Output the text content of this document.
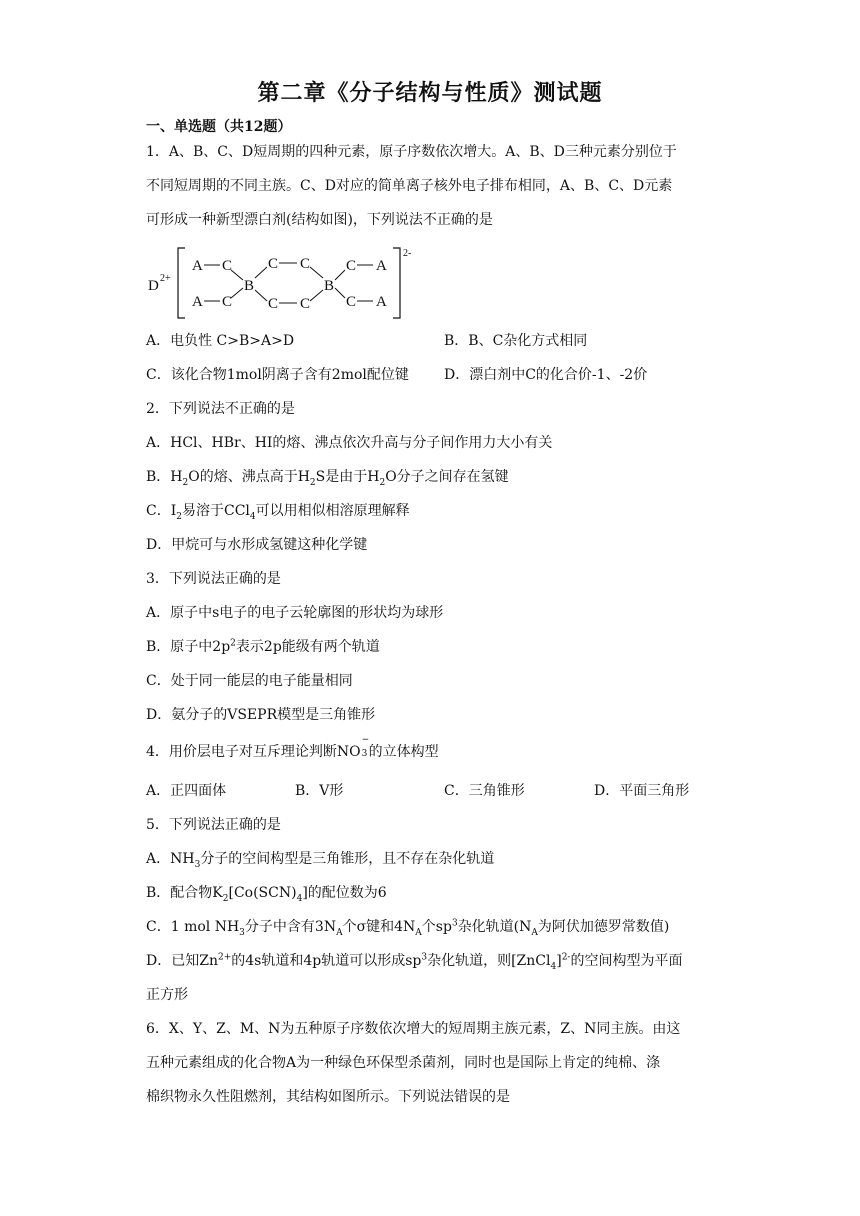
第二章《分子结构与性质》测试题
一、单选题（共12题）
1．A、B、C、D短周期的四种元素，原子序数依次增大。A、B、D三种元素分别位于
不同短周期的不同主族。C、D对应的简单离子核外电子排布相同，A、B、C、D元素
可形成一种新型漂白剂(结构如图)，下列说法不正确的是
D 2+
2-
A C
B
C C
B
C A
A C C C C A
A．电负性 C>B>A>D	B．B、C杂化方式相同
C．该化合物1mol阴离子含有2mol配位键	D．漂白剂中C的化合价-1、-2价
2．下列说法不正确的是
A．HCl、HBr、HI的熔、沸点依次升高与分子间作用力大小有关
B．$H_2O$的熔、沸点高于$H_2S$是由于$H_2O$分子之间存在氢键
C．$I_2$易溶于CCl$_4$可以用相似相溶原理解释
D．甲烷可与水形成氢键这种化学键
3．下列说法正确的是
A．原子中s电子的电子云轮廓图的形状均为球形
B．原子中$2p^2$表示2p能级有两个轨道
C．处于同一能层的电子能量相同
D．氨分子的VSEPR模型是三角锥形
4．用价层电子对互斥理论判断NO
−
3 的立体构型
A．正四面体	B．V形	C．三角锥形	D．平面三角形
5．下列说法正确的是
A．$NH_3$分子的空间构型是三角锥形，且不存在杂化轨道
B．配合物$K_2[Co(SCN)_4]$的配位数为6
C．1 mol $NH_3$分子中含有$3N_A$个σ键和$4N_A$个$sp^3$杂化轨道($N_A$为阿伏加德罗常数值)
D．已知$Zn^{2+}$的4s轨道和4p轨道可以形成$sp^3$杂化轨道，则[ZnCl$_4$]$^{2-}$的空间构型为平面
正方形
6．X、Y、Z、M、N为五种原子序数依次增大的短周期主族元素，Z、N同主族。由这
五种元素组成的化合物A为一种绿色环保型杀菌剂，同时也是国际上肯定的纯棉、涤
棉织物永久性阻燃剂，其结构如图所示。下列说法错误的是
